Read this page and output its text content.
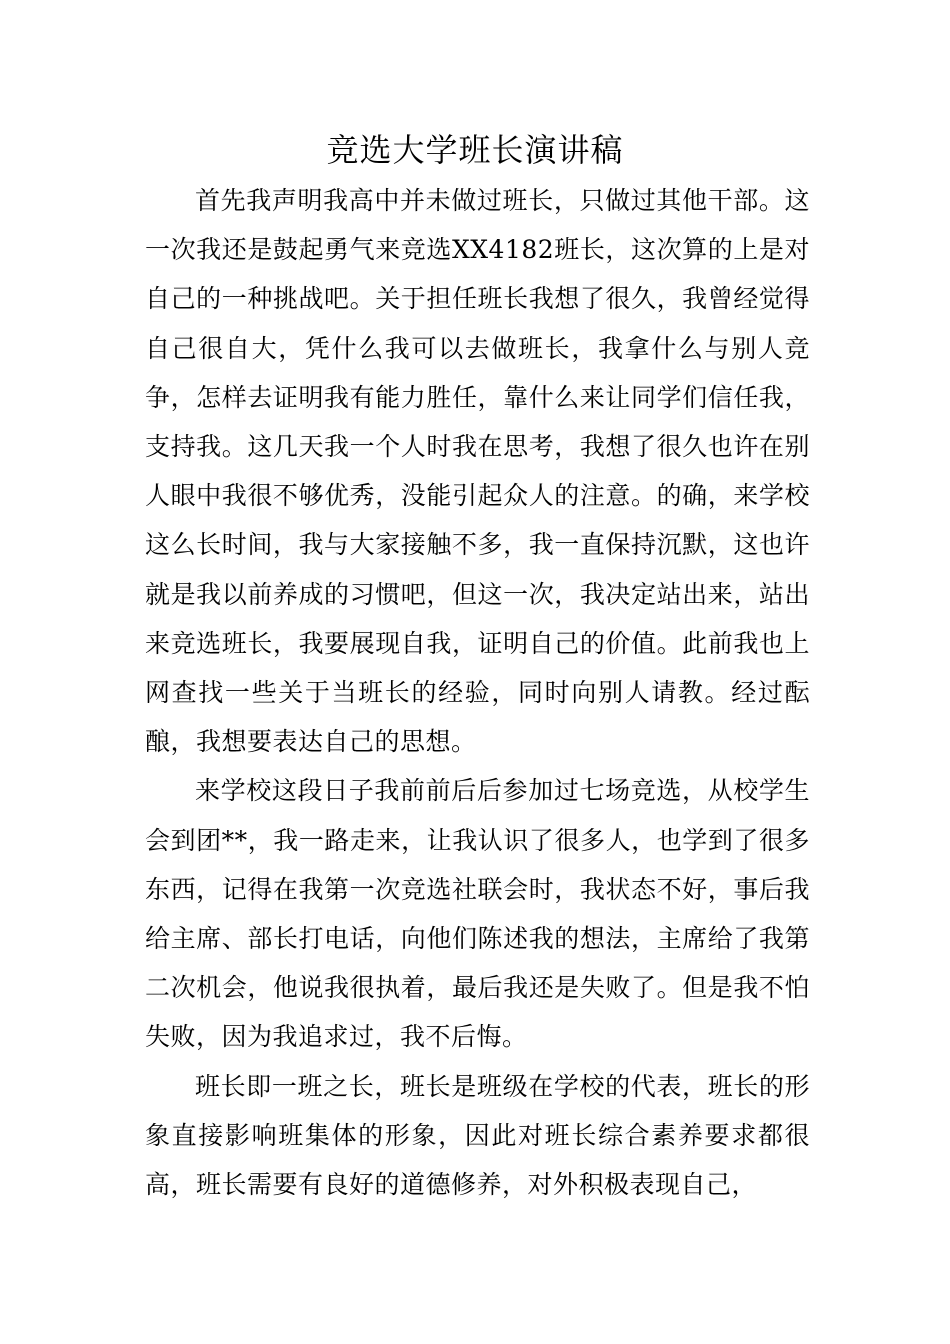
竞选大学班长演讲稿

首先我声明我高中并未做过班长，只做过其他干部。这一次我还是鼓起勇气来竞选XX4182班长，这次算的上是对自己的一种挑战吧。关于担任班长我想了很久，我曾经觉得自己很自大，凭什么我可以去做班长，我拿什么与别人竞争，怎样去证明我有能力胜任，靠什么来让同学们信任我，支持我。这几天我一个人时我在思考，我想了很久也许在别人眼中我很不够优秀，没能引起众人的注意。的确，来学校这么长时间，我与大家接触不多，我一直保持沉默，这也许就是我以前养成的习惯吧，但这一次，我决定站出来，站出来竞选班长，我要展现自我，证明自己的价值。此前我也上网查找一些关于当班长的经验，同时向别人请教。经过酝酿，我想要表达自己的思想。

来学校这段日子我前前后后参加过七场竞选，从校学生会到团**，我一路走来，让我认识了很多人，也学到了很多东西，记得在我第一次竞选社联会时，我状态不好，事后我给主席、部长打电话，向他们陈述我的想法，主席给了我第二次机会，他说我很执着，最后我还是失败了。但是我不怕失败，因为我追求过，我不后悔。

班长即一班之长，班长是班级在学校的代表，班长的形象直接影响班集体的形象，因此对班长综合素养要求都很高，班长需要有良好的道德修养，对外积极表现自己，
